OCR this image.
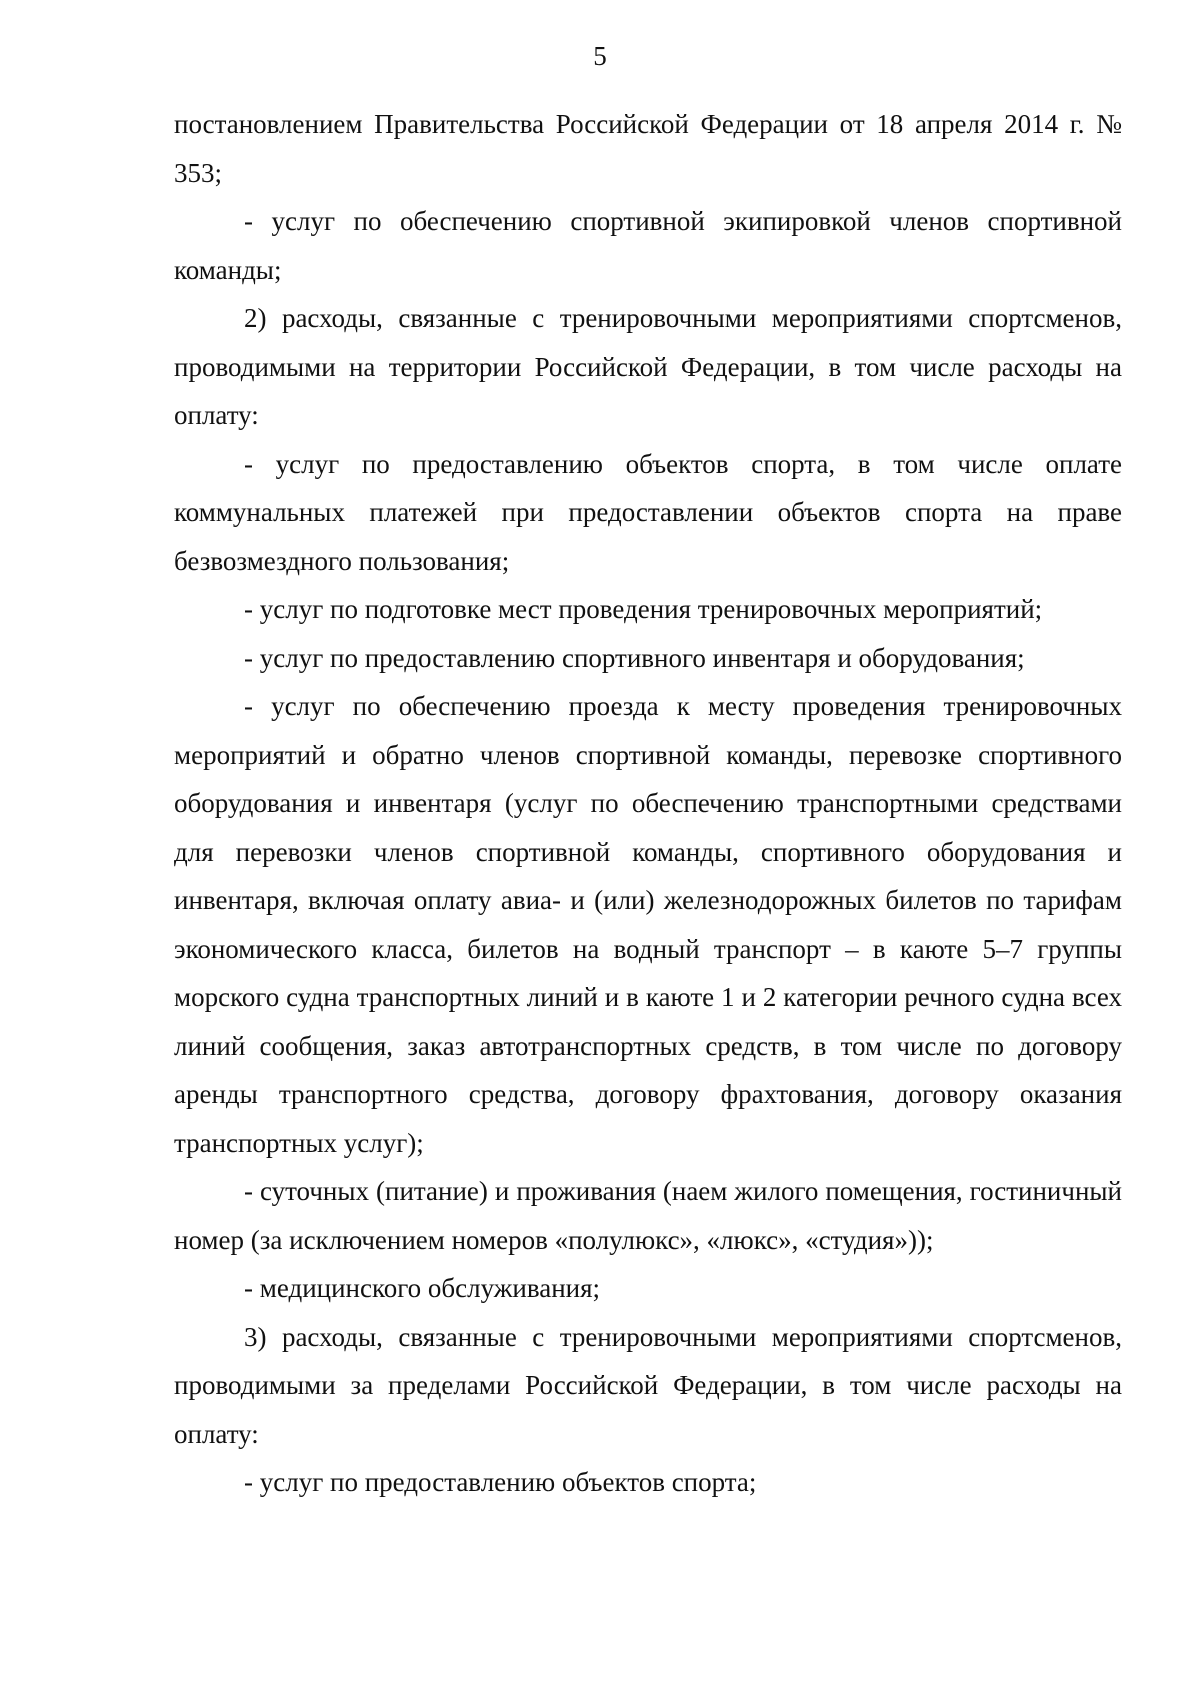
5

постановлением Правительства Российской Федерации от 18 апреля 2014 г. № 353;

- услуг по обеспечению спортивной экипировкой членов спортивной команды;

2) расходы, связанные с тренировочными мероприятиями спортсменов, проводимыми на территории Российской Федерации, в том числе расходы на оплату:

- услуг по предоставлению объектов спорта, в том числе оплате коммунальных платежей при предоставлении объектов спорта на праве безвозмездного пользования;

- услуг по подготовке мест проведения тренировочных мероприятий;

- услуг по предоставлению спортивного инвентаря и оборудования;

- услуг по обеспечению проезда к месту проведения тренировочных мероприятий и обратно членов спортивной команды, перевозке спортивного оборудования и инвентаря (услуг по обеспечению транспортными средствами для перевозки членов спортивной команды, спортивного оборудования и инвентаря, включая оплату авиа- и (или) железнодорожных билетов по тарифам экономического класса, билетов на водный транспорт – в каюте 5–7 группы морского судна транспортных линий и в каюте 1 и 2 категории речного судна всех линий сообщения, заказ автотранспортных средств, в том числе по договору аренды транспортного средства, договору фрахтования, договору оказания транспортных услуг);

- суточных (питание) и проживания (наем жилого помещения, гостиничный номер (за исключением номеров «полулюкс», «люкс», «студия»));

- медицинского обслуживания;

3) расходы, связанные с тренировочными мероприятиями спортсменов, проводимыми за пределами Российской Федерации, в том числе расходы на оплату:

- услуг по предоставлению объектов спорта;
